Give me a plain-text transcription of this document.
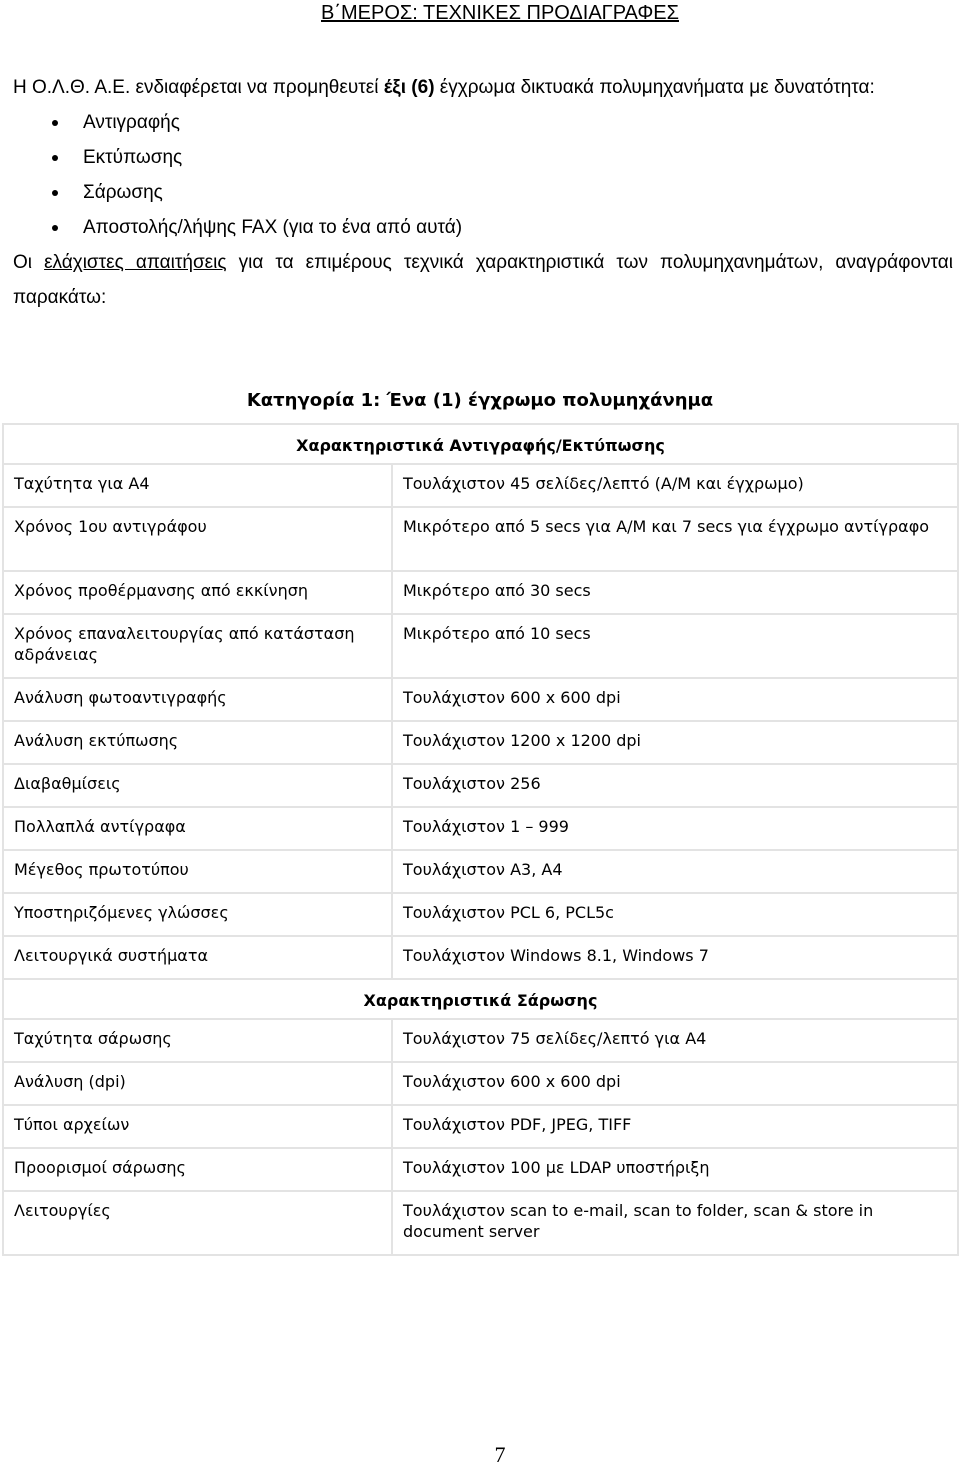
Β΄ΜΕΡΟΣ: ΤΕΧΝΙΚΕΣ ΠΡΟΔΙΑΓΡΑΦΕΣ
Η Ο.Λ.Θ. Α.Ε. ενδιαφέρεται να προμηθευτεί έξι (6) έγχρωμα δικτυακά πολυμηχανήματα με δυνατότητα:
Αντιγραφής
Εκτύπωσης
Σάρωσης
Αποστολής/λήψης FAX (για το ένα από αυτά)
Οι ελάχιστες απαιτήσεις για τα επιμέρους τεχνικά χαρακτηριστικά των πολυμηχανημάτων, αναγράφονται παρακάτω:
Κατηγορία 1: Ένα (1) έγχρωμο πολυμηχάνημα
Χαρακτηριστικά Αντιγραφής/Εκτύπωσης	
Ταχύτητα για Α4	Τουλάχιστον 45 σελίδες/λεπτό (Α/Μ και έγχρωμο)
Χρόνος 1ου αντιγράφου	Μικρότερο από 5 secs για Α/Μ και 7 secs για έγχρωμο αντίγραφο
Χρόνος προθέρμανσης από εκκίνηση	Μικρότερο από 30 secs
Χρόνος επαναλειτουργίας από κατάσταση αδράνειας	Μικρότερο από 10 secs
Ανάλυση φωτοαντιγραφής	Τουλάχιστον 600 x 600 dpi
Ανάλυση εκτύπωσης	Τουλάχιστον 1200 x 1200 dpi
Διαβαθμίσεις	Τουλάχιστον 256
Πολλαπλά αντίγραφα	Τουλάχιστον 1 – 999
Μέγεθος πρωτοτύπου	Τουλάχιστον Α3, Α4
Υποστηριζόμενες γλώσσες	Τουλάχιστον PCL 6, PCL5c
Λειτουργικά συστήματα	Τουλάχιστον Windows 8.1, Windows 7
Χαρακτηριστικά Σάρωσης	
Ταχύτητα σάρωσης	Τουλάχιστον 75 σελίδες/λεπτό για Α4
Ανάλυση (dpi)	Τουλάχιστον 600 x 600 dpi
Τύποι αρχείων	Τουλάχιστον PDF, JPEG, TIFF
Προορισμοί σάρωσης	Τουλάχιστον 100 με LDAP υποστήριξη
Λειτουργίες	Τουλάχιστον scan to e-mail, scan to folder, scan & store in document server
7
